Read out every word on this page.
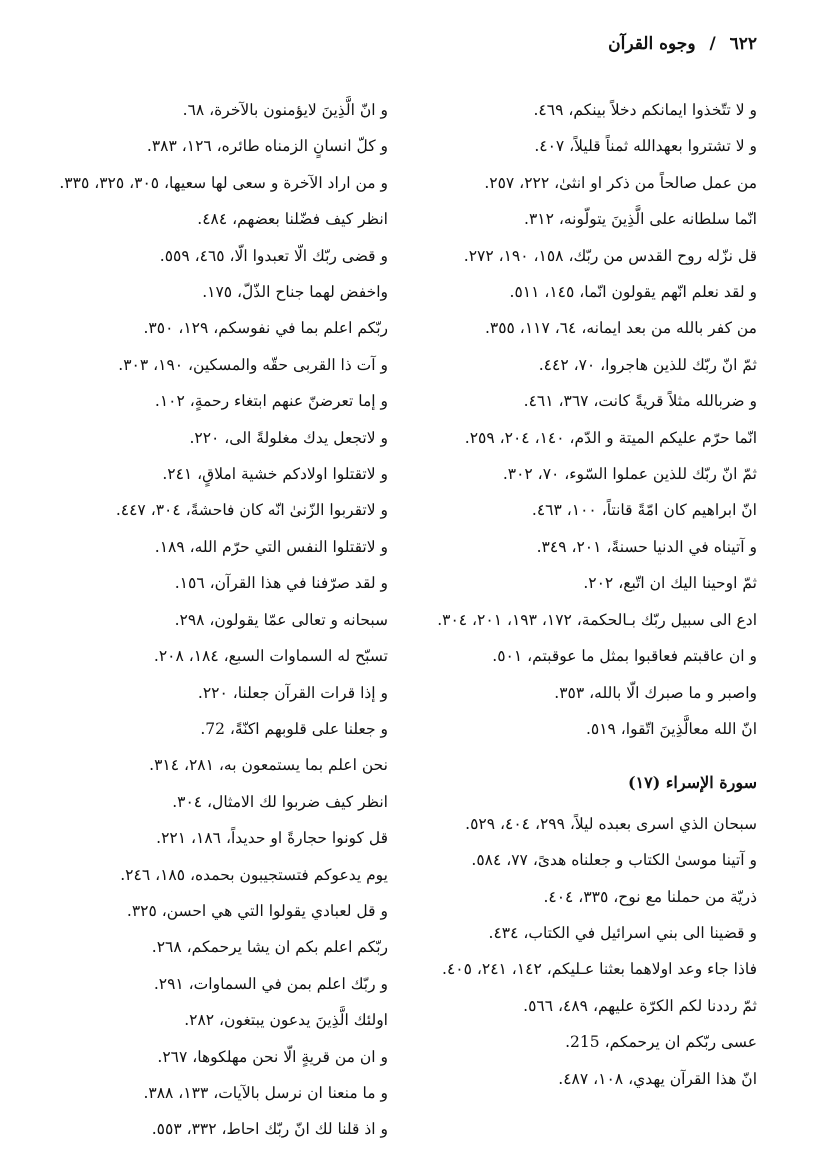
٦٢٢ / وجوه القرآن
و لا تتّخذوا ايمانكم دخلاً بينكم، ٤٦٩.
و لا تشتروا بعهدالله ثمناً قليلاً، ٤٠٧.
من عمل صالحاً من ذكر او انثىٰ، ٢٢٢، ٢٥٧.
انّما سلطانه على الَّذِينَ يتولّونه، ٣١٢.
قل نزّله روح القدس من ربّك، ١٥٨، ١٩٠، ٢٧٢.
و لقد نعلم انّهم يقولون انّما، ١٤٥، ٥١١.
من كفر بالله من بعد ايمانه، ٦٤، ١١٧، ٣٥٥.
ثمّ انّ ربّك للذين هاجروا، ٧٠، ٤٤٢.
و ضربالله مثلاً قريةً كانت، ٣٦٧، ٤٦١.
انّما حرّم عليكم الميتة و الدّم، ١٤٠، ٢٠٤، ٢٥٩.
ثمّ انّ ربّك للذين عملوا السّوء، ٧٠، ٣٠٢.
انّ ابراهيم كان امّةً قانتاً، ١٠٠، ٤٦٣.
و آتيناه في الدنيا حسنةً، ٢٠١، ٣٤٩.
ثمّ اوحينا اليك ان اتّبع، ٢٠٢.
ادع الى سبيل ربّك بـالحكمة، ١٧٢، ١٩٣، ٢٠١، ٣٠٤.
و ان عاقبتم فعاقبوا بمثل ما عوقبتم، ٥٠١.
واصبر و ما صبرك الّا بالله، ٣٥٣.
انّ الله معالَّذِينَ اتّقوا، ٥١٩.
سورة الإسراء (١٧)
سبحان الذي اسرى بعبده ليلاً، ٢٩٩، ٤٠٤، ٥٢٩.
و آتينا موسىٰ الكتاب و جعلناه هدىً، ٧٧، ٥٨٤.
ذريّة من حملنا مع نوح، ٣٣٥، ٤٠٤.
و قضينا الى بني اسرائيل في الكتاب، ٤٣٤.
فاذا جاء وعد اولاهما بعثنا عـليكم، ١٤٢، ٢٤١، ٤٠٥.
ثمّ رددنا لكم الكرّة عليهم، ٤٨٩، ٥٦٦.
عسى ربّكم ان يرحمكم، 215.
انّ هذا القرآن يهدي، ١٠٨، ٤٨٧.
و انّ الَّذِينَ لايؤمنون بالآخرة، ٦٨.
و كلّ انسانٍ الزمناه طائره، ١٢٦، ٣٨٣.
و من اراد الآخرة و سعى لها سعيها، ٣٠٥، ٣٢٥، ٣٣٥.
انظر كيف فضّلنا بعضهم، ٤٨٤.
و قضى ربّك الّا تعبدوا الّا، ٤٦٥، ٥٥٩.
واخفض لهما جناح الذّلّ، ١٧٥.
ربّكم اعلم بما في نفوسكم، ١٢٩، ٣٥٠.
و آت ذا القربى حقّه والمسكين، ١٩٠، ٣٠٣.
و إما تعرضنّ عنهم ابتغاء رحمةٍ، ١٠٢.
و لاتجعل يدك مغلولةً الى، ٢٢٠.
و لاتقتلوا اولادكم خشية املاقٍ، ٢٤١.
و لاتقربوا الزّنىٰ انّه كان فاحشةً، ٣٠٤، ٤٤٧.
و لاتقتلوا النفس التي حرّم الله، ١٨٩.
و لقد صرّفنا في هذا القرآن، ١٥٦.
سبحانه و تعالى عمّا يقولون، ٢٩٨.
تسبّح له السماوات السبع، ١٨٤، ٢٠٨.
و إذا قرات القرآن جعلنا، ٢٢٠.
و جعلنا على قلوبهم اكنّةً، 72.
نحن اعلم بما يستمعون به، ٢٨١، ٣١٤.
انظر كيف ضربوا لك الامثال، ٣٠٤.
قل كونوا حجارةً او حديداً، ١٨٦، ٢٢١.
يوم يدعوكم فتستجيبون بحمده، ١٨٥، ٢٤٦.
و قل لعبادي يقولوا التي هي احسن، ٣٢٥.
ربّكم اعلم بكم ان يشا يرحمكم، ٢٦٨.
و ربّك اعلم بمن في السماوات، ٢٩١.
اولئك الَّذِينَ يدعون يبتغون، ٢٨٢.
و ان من قريةٍ الّا نحن مهلكوها، ٢٦٧.
و ما منعنا ان نرسل بالآيات، ١٣٣، ٣٨٨.
و اذ قلنا لك انّ ربّك احاط، ٣٣٢، ٥٥٣.
